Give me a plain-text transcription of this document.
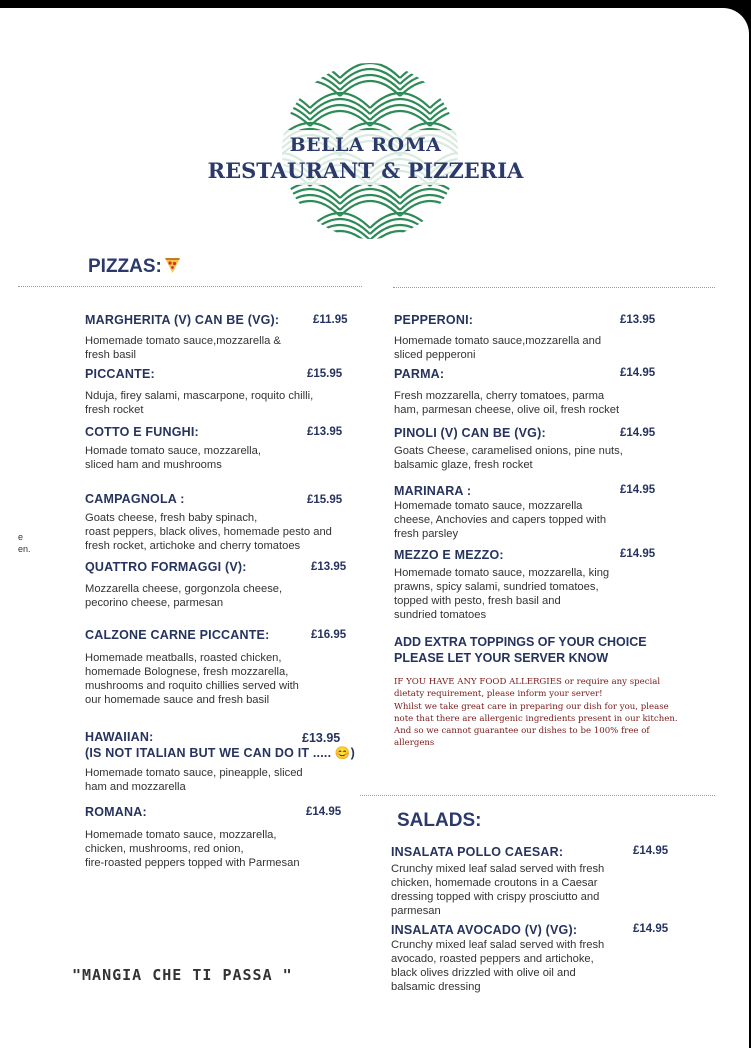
BELLA ROMA
RESTAURANT & PIZZERIA
PIZZAS:
e
en.
MARGHERITA (V) CAN BE (VG):	£11.95
Homemade tomato sauce,mozzarella &
fresh basil
PICCANTE:	£15.95
Nduja, firey salami, mascarpone, roquito chilli,
fresh rocket
COTTO E FUNGHI:	£13.95
Homade tomato sauce, mozzarella,
sliced ham and mushrooms
CAMPAGNOLA :	£15.95
Goats cheese, fresh baby spinach,
roast peppers, black olives, homemade pesto and
fresh rocket, artichoke and cherry tomatoes
QUATTRO FORMAGGI (V):	£13.95
Mozzarella cheese, gorgonzola cheese,
pecorino cheese, parmesan
CALZONE CARNE PICCANTE:	£16.95
Homemade meatballs, roasted chicken,
homemade Bolognese, fresh mozzarella,
mushrooms and roquito chillies served with
our homemade sauce and fresh basil
HAWAIIAN:	£13.95
(IS NOT ITALIAN BUT WE CAN DO IT ..... 😊)
Homemade tomato sauce, pineapple, sliced
ham and mozzarella
ROMANA:	£14.95
Homemade tomato sauce, mozzarella,
chicken, mushrooms, red onion,
fire-roasted peppers topped with Parmesan
PEPPERONI:	£13.95
Homemade tomato sauce,mozzarella and
sliced pepperoni
PARMA:	£14.95
Fresh mozzarella, cherry tomatoes, parma
ham, parmesan cheese, olive oil, fresh rocket
PINOLI (V) CAN BE (VG):	£14.95
Goats Cheese, caramelised onions, pine nuts,
balsamic glaze, fresh rocket
MARINARA :	£14.95
Homemade tomato sauce, mozzarella
cheese, Anchovies and capers topped with
fresh parsley
MEZZO E MEZZO:	£14.95
Homemade tomato sauce, mozzarella, king
prawns, spicy salami, sundried tomatoes,
topped with pesto, fresh basil and
sundried tomatoes
ADD EXTRA TOPPINGS OF YOUR CHOICE
PLEASE LET YOUR SERVER KNOW
IF YOU HAVE ANY FOOD ALLERGIES or require any special
dietaty requirement, please inform your server!
Whilst we take great care in preparing our dish for you, please
note that there are allergenic ingredients present in our kitchen.
And so we cannot guarantee our dishes to be 100% free of
allergens
SALADS:
INSALATA POLLO CAESAR:	£14.95
Crunchy mixed leaf salad served with fresh
chicken, homemade croutons in a Caesar
dressing topped with crispy prosciutto and
parmesan
INSALATA AVOCADO (V) (VG):	£14.95
Crunchy mixed leaf salad served with fresh
avocado, roasted peppers and artichoke,
black olives drizzled with olive oil and
balsamic dressing
"MANGIA CHE TI PASSA "
